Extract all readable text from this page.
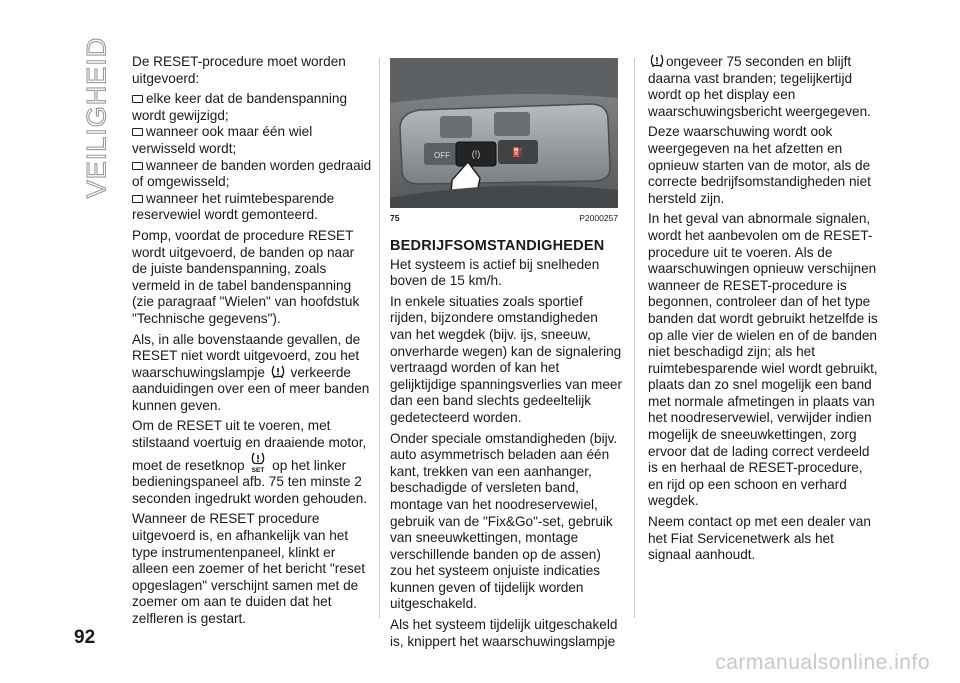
VEILIGHEID
92

De RESET-procedure moet worden uitgevoerd:

elke keer dat de bandenspanning wordt gewijzigd;

wanneer ook maar één wiel verwisseld wordt;

wanneer de banden worden gedraaid of omgewisseld;

wanneer het ruimtebesparende reservewiel wordt gemonteerd.

Pomp, voordat de procedure RESET wordt uitgevoerd, de banden op naar de juiste bandenspanning, zoals vermeld in de tabel bandenspanning (zie paragraaf "Wielen" van hoofdstuk "Technische gegevens").

Als, in alle bovenstaande gevallen, de RESET niet wordt uitgevoerd, zou het waarschuwingslampje verkeerde aanduidingen over een of meer banden kunnen geven.

Om de RESET uit te voeren, met stilstaand voertuig en draaiende motor, moet de resetknop SET op het linker bedieningspaneel afb. 75 ten minste 2 seconden ingedrukt worden gehouden.

Wanneer de RESET procedure uitgevoerd is, en afhankelijk van het type instrumentenpaneel, klinkt er alleen een zoemer of het bericht "reset opgeslagen" verschijnt samen met de zoemer om aan te duiden dat het zelfleren is gestart.

(!)	⛽
OFF
75	P2000257
BEDRIJFSOMSTANDIGHEDEN

Het systeem is actief bij snelheden boven de 15 km/h.

In enkele situaties zoals sportief rijden, bijzondere omstandigheden van het wegdek (bijv. ijs, sneeuw, onverharde wegen) kan de signalering vertraagd worden of kan het gelijktijdige spanningsverlies van meer dan een band slechts gedeeltelijk gedetecteerd worden.

Onder speciale omstandigheden (bijv. auto asymmetrisch beladen aan één kant, trekken van een aanhanger, beschadigde of versleten band, montage van het noodreservewiel, gebruik van de "Fix&Go"-set, gebruik van sneeuwkettingen, montage verschillende banden op de assen) zou het systeem onjuiste indicaties kunnen geven of tijdelijk worden uitgeschakeld.

Als het systeem tijdelijk uitgeschakeld is, knippert het waarschuwingslampje

ongeveer 75 seconden en blijft daarna vast branden; tegelijkertijd wordt op het display een waarschuwingsbericht weergegeven.

Deze waarschuwing wordt ook weergegeven na het afzetten en opnieuw starten van de motor, als de correcte bedrijfsomstandigheden niet hersteld zijn.

In het geval van abnormale signalen, wordt het aanbevolen om de RESET-procedure uit te voeren. Als de waarschuwingen opnieuw verschijnen wanneer de RESET-procedure is begonnen, controleer dan of het type banden dat wordt gebruikt hetzelfde is op alle vier de wielen en of de banden niet beschadigd zijn; als het ruimtebesparende wiel wordt gebruikt, plaats dan zo snel mogelijk een band met normale afmetingen in plaats van het noodreservewiel, verwijder indien mogelijk de sneeuwkettingen, zorg ervoor dat de lading correct verdeeld is en herhaal de RESET-procedure, en rijd op een schoon en verhard wegdek.

Neem contact op met een dealer van het Fiat Servicenetwerk als het signaal aanhoudt.

carmanualsonline.info
